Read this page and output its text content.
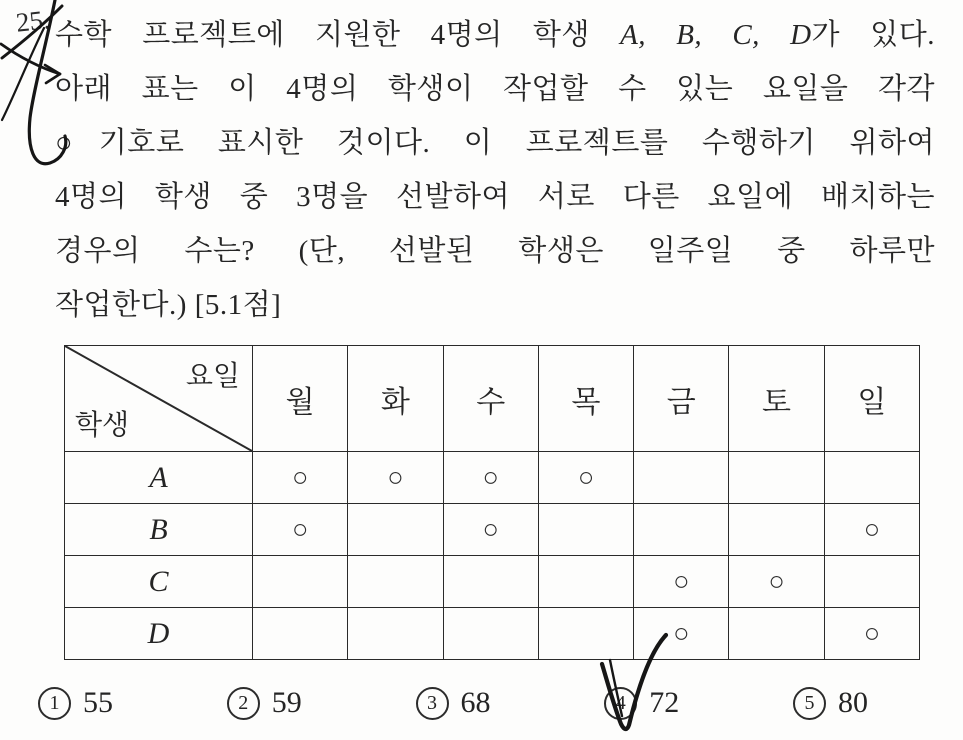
25. 수학 프로젝트에 지원한 4명의 학생 A, B, C, D가 있다.
아래 표는 이 4명의 학생이 작업할 수 있는 요일을 각각
○기호로 표시한 것이다. 이 프로젝트를 수행하기 위하여
4명의 학생 중 3명을 선발하여 서로 다른 요일에 배치하는
경우의 수는? (단, 선발된 학생은 일주일 중 하루만
작업한다.) [5.1점]
요일
학생	월	화	수	목	금	토	일
A	○	○	○	○			
B	○		○				○
C					○	○	
D					○		○
1 55	2 59	3 68	4 72	5 80
